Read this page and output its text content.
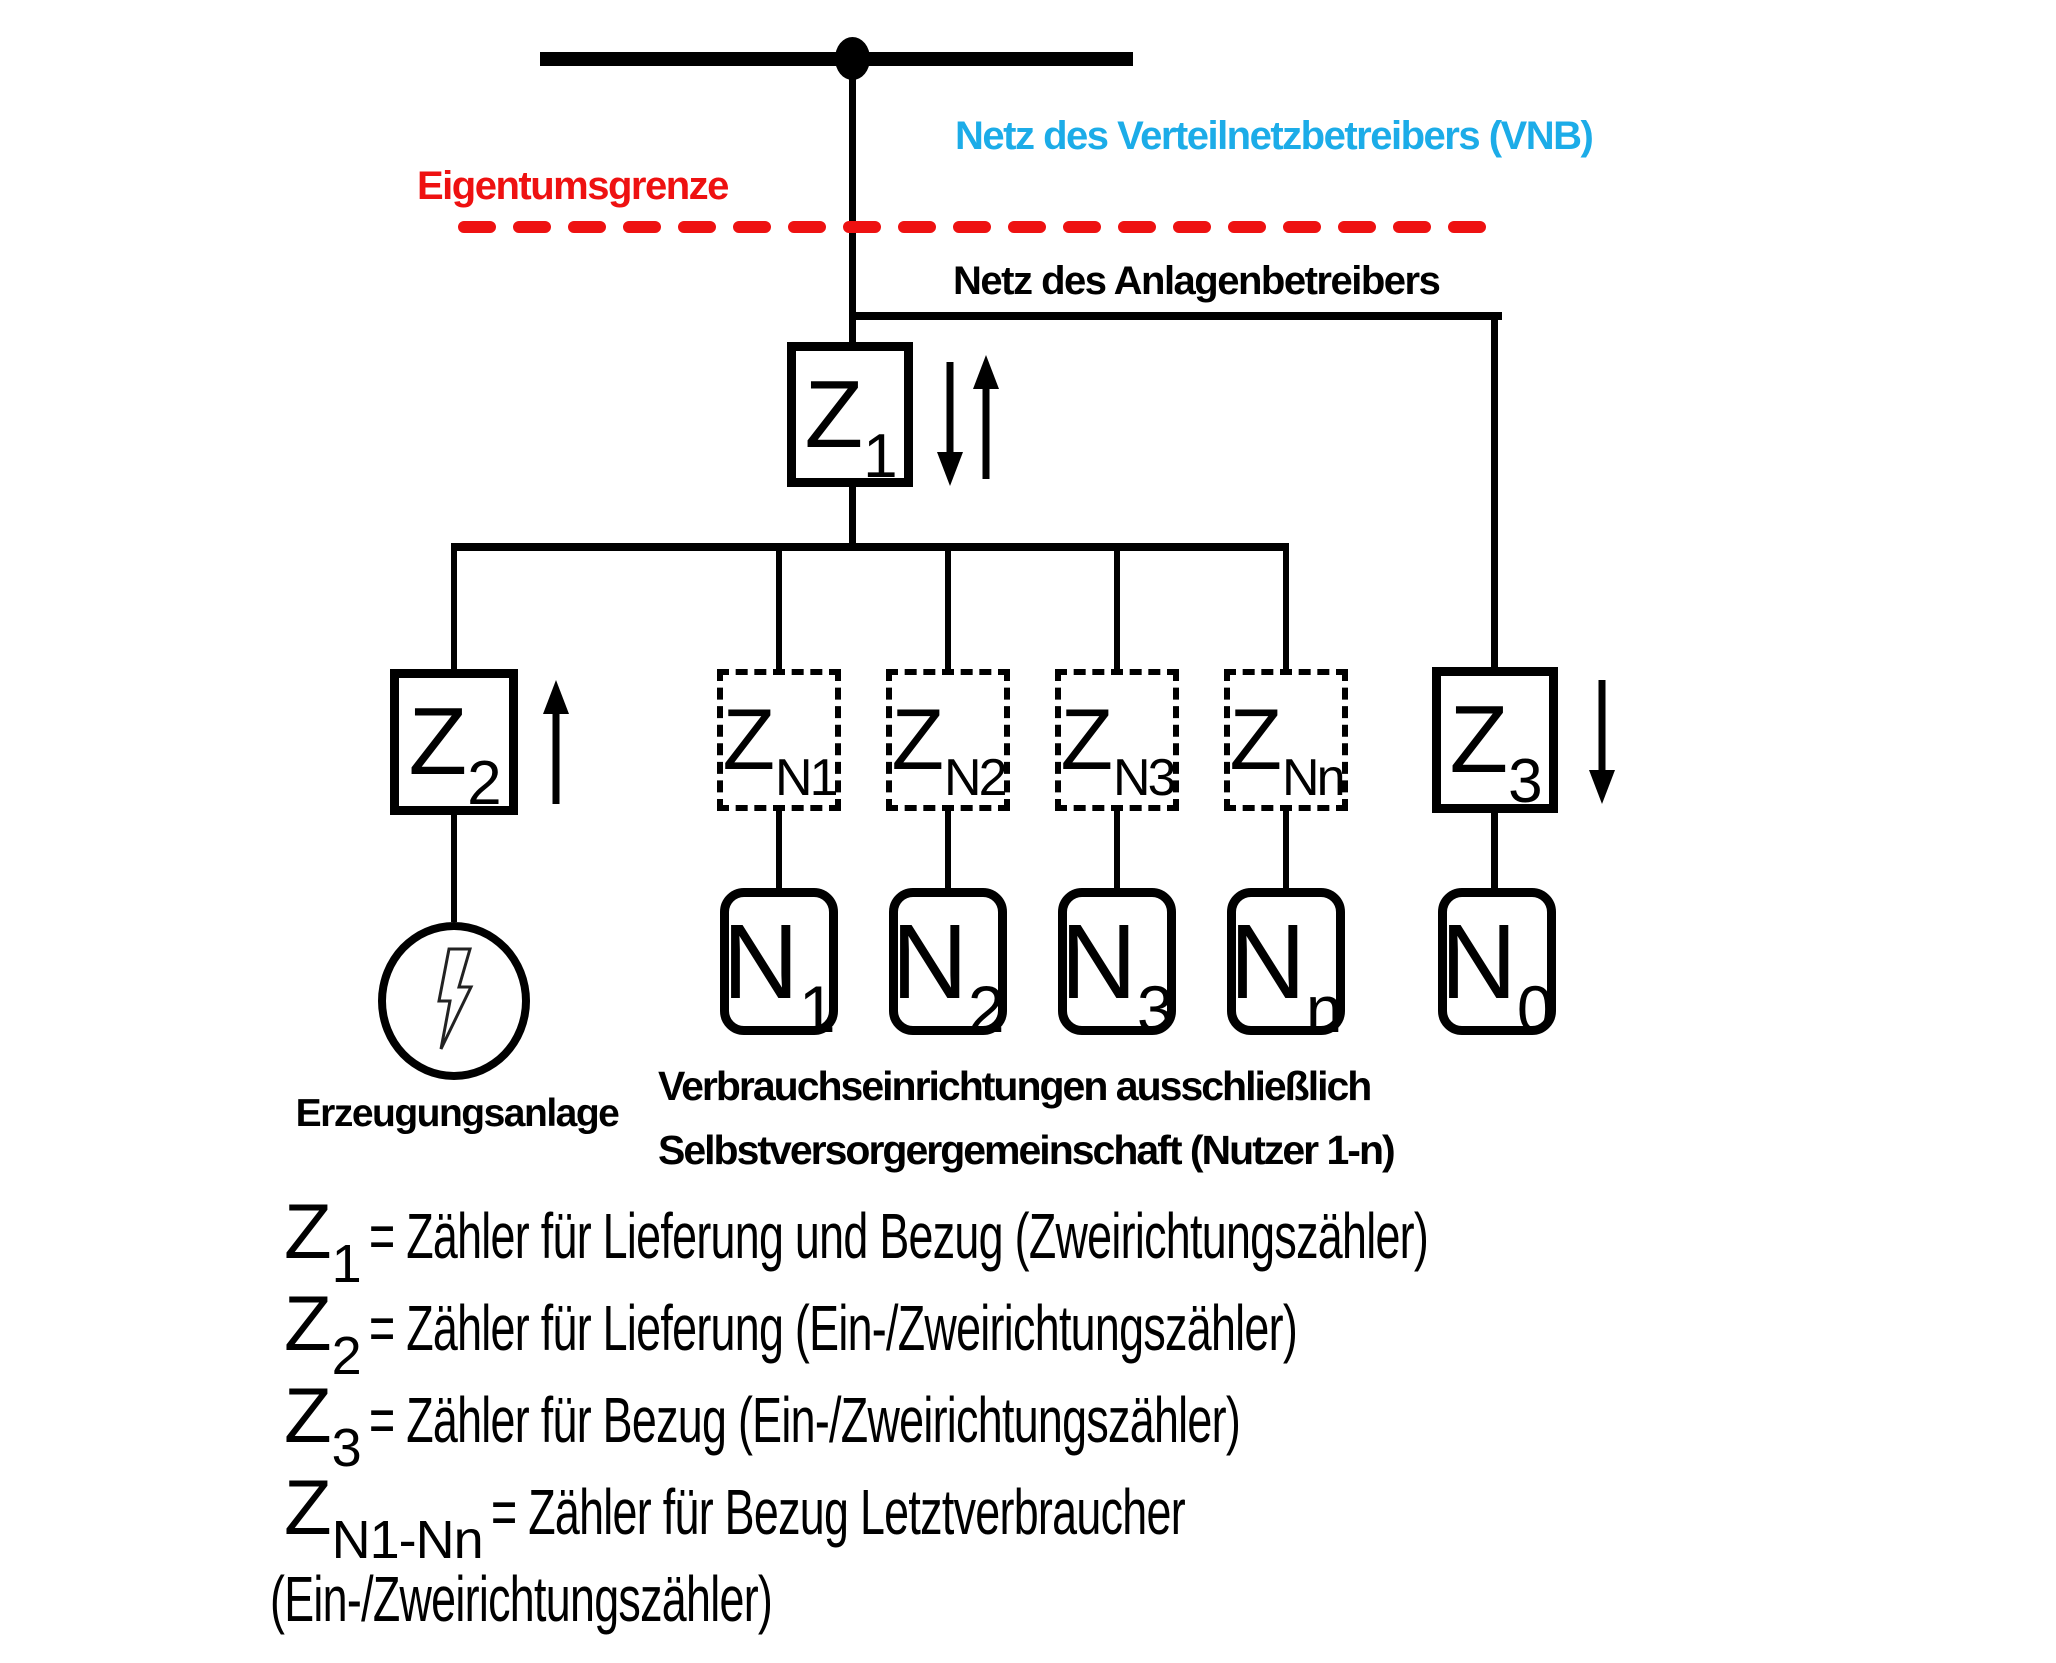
Netz des Verteilnetzbetreibers (VNB)
Eigentumsgrenze
Netz des Anlagenbetreibers
Z1
Z2	ZN1 ZN2 ZN3 ZNn Z3
N1 N2 N3 Nn N0
Erzeugungsanlage
Verbrauchseinrichtungen ausschließlich
Selbstversorgergemeinschaft (Nutzer 1-n)
Z1 = Zähler für Lieferung und Bezug (Zweirichtungszähler)
Z2 = Zähler für Lieferung (Ein-/Zweirichtungszähler)
Z3 = Zähler für Bezug (Ein-/Zweirichtungszähler)
ZN1-Nn = Zähler für Bezug Letztverbraucher
(Ein-/Zweirichtungszähler)
